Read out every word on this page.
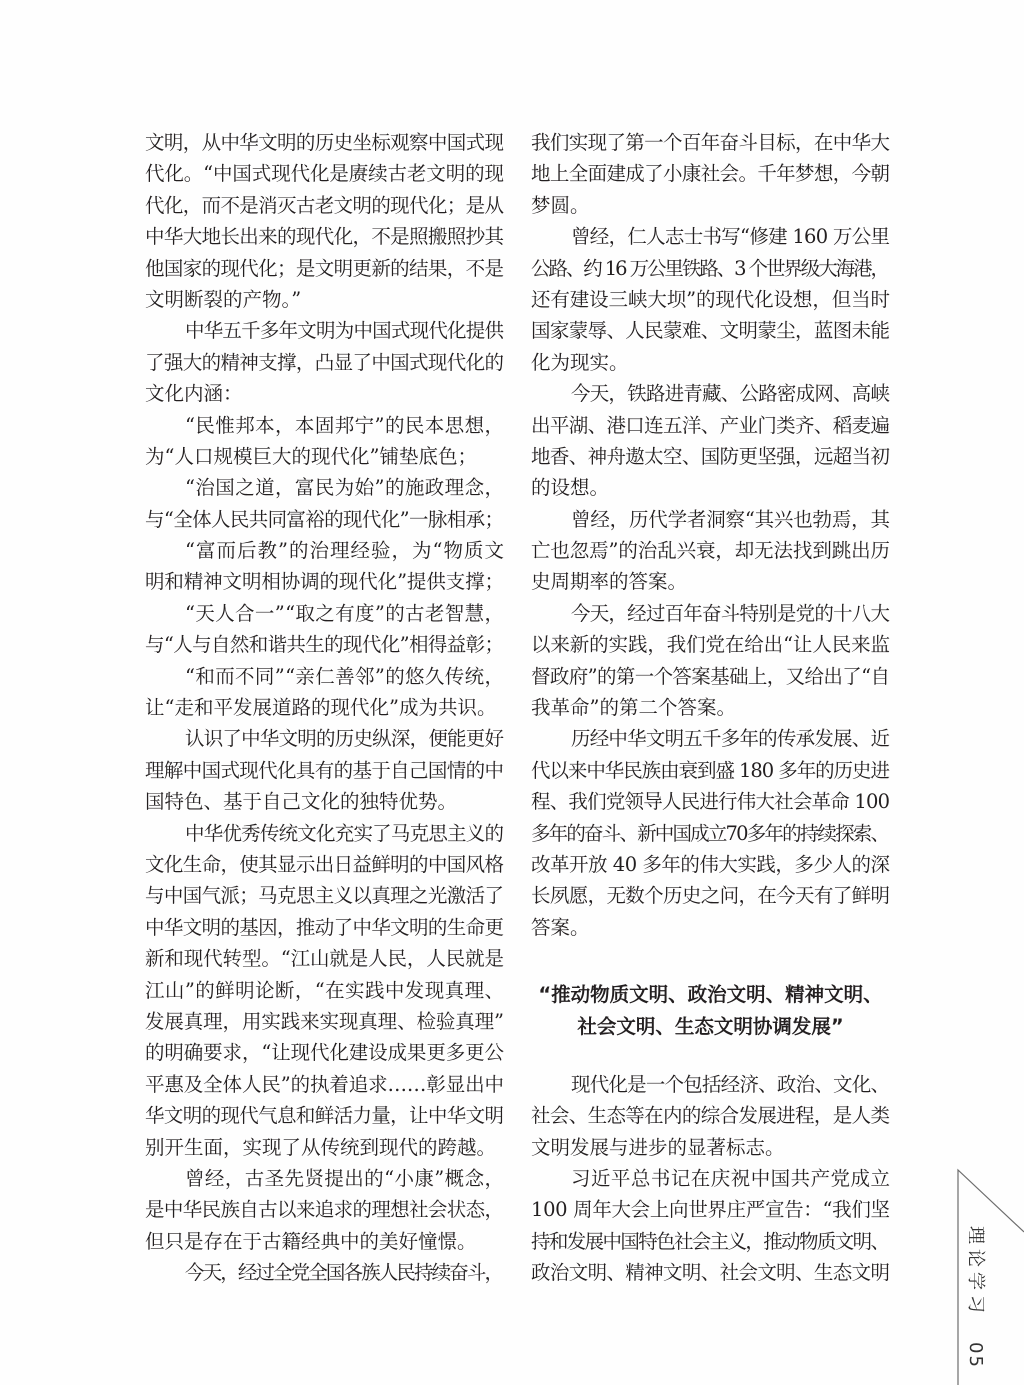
文明，从中华文明的历史坐标观察中国式现
代化。“中国式现代化是赓续古老文明的现
代化，而不是消灭古老文明的现代化；是从
中华大地长出来的现代化，不是照搬照抄其
他国家的现代化；是文明更新的结果，不是
文明断裂的产物。”
中华五千多年文明为中国式现代化提供
了强大的精神支撑，凸显了中国式现代化的
文化内涵：
“民惟邦本，本固邦宁”的民本思想，
为“人口规模巨大的现代化”铺垫底色；
“治国之道，富民为始”的施政理念，
与“全体人民共同富裕的现代化”一脉相承；
“富而后教”的治理经验，为“物质文
明和精神文明相协调的现代化”提供支撑；
“天人合一”“取之有度”的古老智慧，
与“人与自然和谐共生的现代化”相得益彰；
“和而不同”“亲仁善邻”的悠久传统，
让“走和平发展道路的现代化”成为共识。
认识了中华文明的历史纵深，便能更好
理解中国式现代化具有的基于自己国情的中
国特色、基于自己文化的独特优势。
中华优秀传统文化充实了马克思主义的
文化生命，使其显示出日益鲜明的中国风格
与中国气派；马克思主义以真理之光激活了
中华文明的基因，推动了中华文明的生命更
新和现代转型。“江山就是人民，人民就是
江山”的鲜明论断，“在实践中发现真理、
发展真理，用实践来实现真理、检验真理”
的明确要求，“让现代化建设成果更多更公
平惠及全体人民”的执着追求……彰显出中
华文明的现代气息和鲜活力量，让中华文明
别开生面，实现了从传统到现代的跨越。
曾经，古圣先贤提出的“小康”概念，
是中华民族自古以来追求的理想社会状态，
但只是存在于古籍经典中的美好憧憬。
今天，经过全党全国各族人民持续奋斗，
我们实现了第一个百年奋斗目标，在中华大
地上全面建成了小康社会。千年梦想，今朝
梦圆。
曾经，仁人志士书写“修建 160 万公里
公路、约 16 万公里铁路、3 个世界级大海港，
还有建设三峡大坝”的现代化设想，但当时
国家蒙辱、人民蒙难、文明蒙尘，蓝图未能
化为现实。
今天，铁路进青藏、公路密成网、高峡
出平湖、港口连五洋、产业门类齐、稻麦遍
地香、神舟遨太空、国防更坚强，远超当初
的设想。
曾经，历代学者洞察“其兴也勃焉，其
亡也忽焉”的治乱兴衰，却无法找到跳出历
史周期率的答案。
今天，经过百年奋斗特别是党的十八大
以来新的实践，我们党在给出“让人民来监
督政府”的第一个答案基础上，又给出了“自
我革命”的第二个答案。
历经中华文明五千多年的传承发展、近
代以来中华民族由衰到盛 180 多年的历史进
程、我们党领导人民进行伟大社会革命 100
多年的奋斗、新中国成立70多年的持续探索、
改革开放 40 多年的伟大实践，多少人的深
长夙愿，无数个历史之问，在今天有了鲜明
答案。
“推动物质文明、政治文明、精神文明、
社会文明、生态文明协调发展”
现代化是一个包括经济、政治、文化、
社会、生态等在内的综合发展进程，是人类
文明发展与进步的显著标志。
习近平总书记在庆祝中国共产党成立
100 周年大会上向世界庄严宣告：“我们坚
持和发展中国特色社会主义，推动物质文明、
政治文明、精神文明、社会文明、生态文明	理论学习
05
